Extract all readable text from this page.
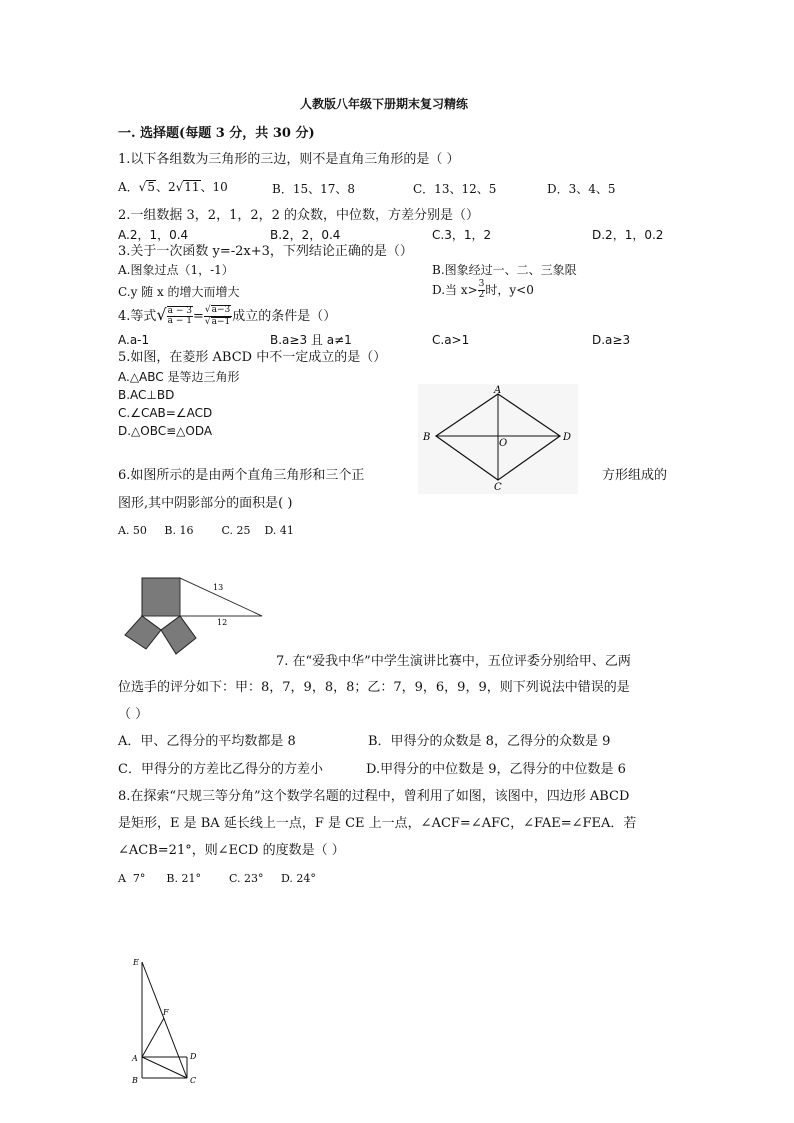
人教版八年级下册期末复习精练
一. 选择题(每题 3 分，共 30 分)
1.以下各组数为三角形的三边，则不是直角三角形的是（ ）
A．√5、2√11、10	B．15、17、8	C．13、12、5	D．3、4、5
2.一组数据 3，2，1，2，2 的众数，中位数，方差分别是（）
A.2，1，0.4	B.2，2，0.4	C.3，1，2	D.2，1，0.2
3.关于一次函数 y=-2x+3，下列结论正确的是（）
A.图象过点（1，-1）	B.图象经过一、二、三象限
C.y 随 x 的增大而增大	D.当 $x> \frac{3}{2}$ 时，y<0
4.等式√ $\frac{a - 3}{a - 1} = \frac{√a-3}{√a-1}$ 成立的条件是（）
A.a-1	B.a≥3 且 a≠1	C.a>1	D.a≥3
5.如图，在菱形 ABCD 中不一定成立的是（）
A.△ABC 是等边三角形
B.AC⊥BD
C.∠CAB=∠ACD
D.△OBC≌△ODA
A
B	D
C
O
6.如图所示的是由两个直角三角形和三个正	方形组成的
图形,其中阴影部分的面积是( )
A. 50     B. 16        C. 25    D. 41
13
12
7. 在“爱我中华”中学生演讲比赛中，五位评委分别给甲、乙两
位选手的评分如下：甲：8，7，9，8，8；乙：7，9，6，9，9，则下列说法中错误的是
（ ）
A．甲、乙得分的平均数都是 8	B．甲得分的众数是 8，乙得分的众数是 9
C．甲得分的方差比乙得分的方差小	D.甲得分的中位数是 9，乙得分的中位数是 6
8.在探索“尺规三等分角”这个数学名题的过程中，曾利用了如图，该图中，四边形 ABCD
是矩形，E 是 BA 延长线上一点，F 是 CE 上一点，∠ACF=∠AFC，∠FAE=∠FEA．若
∠ACB=21°，则∠ECD 的度数是（ ）
A  7°      B. 21°        C. 23°     D. 24°
E
F
A	D
B	C
